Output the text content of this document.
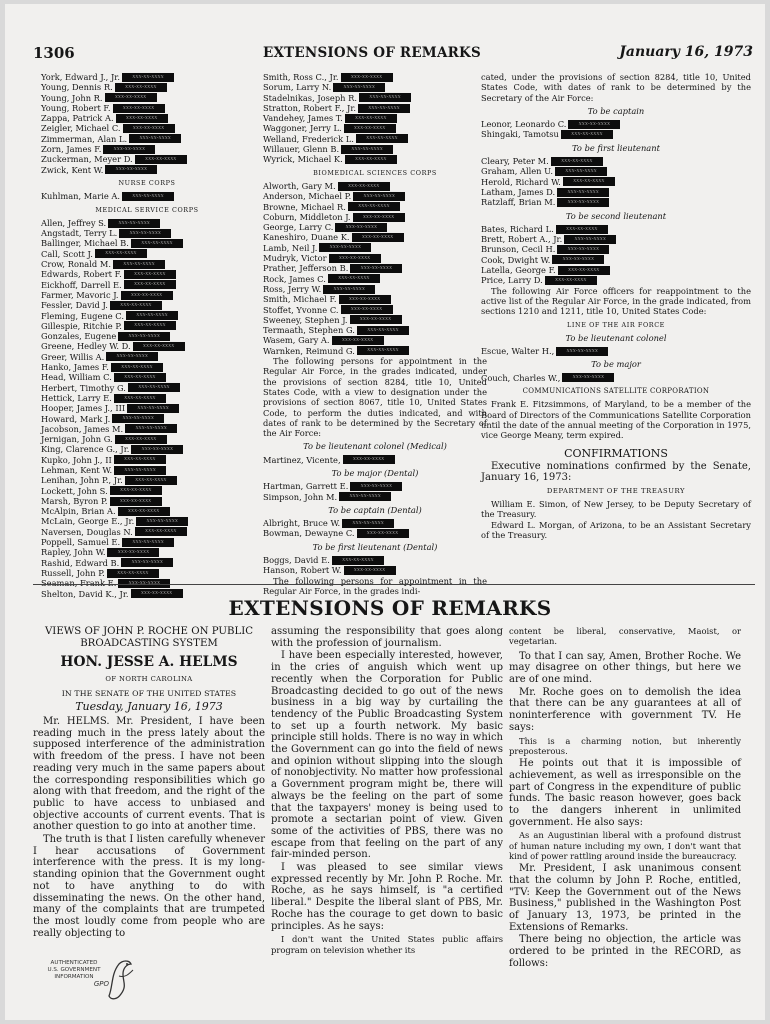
1306	EXTENSIONS OF REMARKS	January 16, 1973
York, Edward J., Jr.	xxx-xx-xxxx
Young, Dennis R.	xxx-xx-xxxx
Young, John R.	xxx-xx-xxxx
Young, Robert F.	xxx-xx-xxxx
Zappa, Patrick A.	xxx-xx-xxxx
Zeigler, Michael C.	xxx-xx-xxxx
Zimmerman, Alan L.	xxx-xx-xxxx
Zorn, James F.	xxx-xx-xxxx
Zuckerman, Meyer D.	xxx-xx-xxxx
Zwick, Kent W.	xxx-xx-xxxx
NURSE CORPS
Kuhlman, Marie A.	xxx-xx-xxxx
MEDICAL SERVICE CORPS
Allen, Jeffrey S.	xxx-xx-xxxx
Angstadt, Terry L.	xxx-xx-xxxx
Ballinger, Michael B.	xxx-xx-xxxx
Call, Scott J.	xxx-xx-xxxx
Crow, Ronald M.	xxx-xx-xxxx
Edwards, Robert F.	xxx-xx-xxxx
Eickhoff, Darrell E.	xxx-xx-xxxx
Farmer, Mavoric J.	xxx-xx-xxxx
Fessler, David J.	xxx-xx-xxxx
Fleming, Eugene C.	xxx-xx-xxxx
Gillespie, Ritchie P.	xxx-xx-xxxx
Gonzales, Eugene	xxx-xx-xxxx
Greene, Hedley W. D.	xxx-xx-xxxx
Greer, Willis A.	xxx-xx-xxxx
Hanko, James F.	xxx-xx-xxxx
Head, William C.	xxx-xx-xxxx
Herbert, Timothy G.	xxx-xx-xxxx
Hettick, Larry E.	xxx-xx-xxxx
Hooper, James J., III	xxx-xx-xxxx
Howard, Mark J.	xxx-xx-xxxx
Jacobson, James M.	xxx-xx-xxxx
Jernigan, John G.	xxx-xx-xxxx
King, Clarence G., Jr.	xxx-xx-xxxx
Kupko, John J., II	xxx-xx-xxxx
Lehman, Kent W.	xxx-xx-xxxx
Lenihan, John P., Jr.	xxx-xx-xxxx
Lockett, John S.	xxx-xx-xxxx
Marsh, Byron P.	xxx-xx-xxxx
McAlpin, Brian A.	xxx-xx-xxxx
McLain, George E., Jr.	xxx-xx-xxxx
Naversen, Douglas N.	xxx-xx-xxxx
Poppell, Samuel E.	xxx-xx-xxxx
Rapley, John W.	xxx-xx-xxxx
Rashid, Edward B.	xxx-xx-xxxx
Russell, John P.	xxx-xx-xxxx
Seaman, Frank E.	xxx-xx-xxxx
Shelton, David K., Jr.	xxx-xx-xxxx
Smith, Ross C., Jr.	xxx-xx-xxxx
Sorum, Larry N.	xxx-xx-xxxx
Stadelnikas, Joseph R.	xxx-xx-xxxx
Stratton, Robert F., Jr.	xxx-xx-xxxx
Vandehey, James T.	xxx-xx-xxxx
Waggoner, Jerry L.	xxx-xx-xxxx
Welland, Frederick L.	xxx-xx-xxxx
Willauer, Glenn B.	xxx-xx-xxxx
Wyrick, Michael K.	xxx-xx-xxxx
BIOMEDICAL SCIENCES CORPS
Alworth, Gary M.	xxx-xx-xxxx
Anderson, Michael P.	xxx-xx-xxxx
Browne, Michael R.	xxx-xx-xxxx
Coburn, Middleton J.	xxx-xx-xxxx
George, Larry C.	xxx-xx-xxxx
Kaneshiro, Duane K.	xxx-xx-xxxx
Lamb, Neil J.	xxx-xx-xxxx
Mudryk, Victor	xxx-xx-xxxx
Prather, Jefferson B.	xxx-xx-xxxx
Rock, James C.	xxx-xx-xxxx
Ross, Jerry W.	xxx-xx-xxxx
Smith, Michael F.	xxx-xx-xxxx
Stoffet, Yvonne C.	xxx-xx-xxxx
Sweeney, Stephen J.	xxx-xx-xxxx
Termaath, Stephen G.	xxx-xx-xxxx
Wasem, Gary A.	xxx-xx-xxxx
Warnken, Reimund G.	xxx-xx-xxxx
The following persons for appointment in the Regular Air Force, in the grades indicated, under the provisions of section 8284, title 10, United States Code, with a view to designation under the provisions of section 8067, title 10, United States Code, to perform the duties indicated, and with dates of rank to be determined by the Secretary of the Air Force:
To be lieutenant colonel (Medical)
Martinez, Vicente,	xxx-xx-xxxx
To be major (Dental)
Hartman, Garrett E.	xxx-xx-xxxx
Simpson, John M.	xxx-xx-xxxx
To be captain (Dental)
Albright, Bruce W.	xxx-xx-xxxx
Bowman, Dewayne C.	xxx-xx-xxxx
To be first lieutenant (Dental)
Boggs, David E.	xxx-xx-xxxx
Hanson, Robert W.	xxx-xx-xxxx
The following persons for appointment in the Regular Air Force, in the grades indi-
cated, under the provisions of section 8284, title 10, United States Code, with dates of rank to be determined by the Secretary of the Air Force:
To be captain
Leonor, Leonardo C.	xxx-xx-xxxx
Shingaki, Tamotsu	xxx-xx-xxxx
To be first lieutenant
Cleary, Peter M.	xxx-xx-xxxx
Graham, Allen U.	xxx-xx-xxxx
Herold, Richard W.	xxx-xx-xxxx
Latham, James D.	xxx-xx-xxxx
Ratzlaff, Brian M.	xxx-xx-xxxx
To be second lieutenant
Bates, Richard L.	xxx-xx-xxxx
Brett, Robert A., Jr.	xxx-xx-xxxx
Brunson, Cecil H.	xxx-xx-xxxx
Cook, Dwight W.	xxx-xx-xxxx
Latella, George F.	xxx-xx-xxxx
Price, Larry D.	xxx-xx-xxxx
The following Air Force officers for reappointment to the active list of the Regular Air Force, in the grade indicated, from sections 1210 and 1211, title 10, United States Code:
LINE OF THE AIR FORCE
To be lieutenant colonel
Escue, Walter H.,	xxx-xx-xxxx
To be major
Couch, Charles W.,	xxx-xx-xxxx
COMMUNICATIONS SATELLITE CORPORATION
Frank E. Fitzsimmons, of Maryland, to be a member of the Board of Directors of the Communications Satellite Corporation until the date of the annual meeting of the Corporation in 1975, vice George Meany, term expired.
CONFIRMATIONS
Executive nominations confirmed by the Senate, January 16, 1973:
DEPARTMENT OF THE TREASURY
William E. Simon, of New Jersey, to be Deputy Secretary of the Treasury.
Edward L. Morgan, of Arizona, to be an Assistant Secretary of the Treasury.
EXTENSIONS OF REMARKS
VIEWS OF JOHN P. ROCHE ON PUBLIC BROADCASTING SYSTEM
HON. JESSE A. HELMS
OF NORTH CAROLINA
IN THE SENATE OF THE UNITED STATES
Tuesday, January 16, 1973
Mr. HELMS. Mr. President, I have been reading much in the press lately about the supposed interference of the administration with freedom of the press. I have not been reading very much in the same papers about the corresponding responsibilities which go along with that freedom, and the right of the public to have access to unbiased and objective accounts of current events. That is another question to go into at another time.
The truth is that I listen carefully whenever I hear accusations of Government interference with the press. It is my long-standing opinion that the Government ought not to have anything to do with disseminating the news. On the other hand, many of the complaints that are trumpeted the most loudly come from people who are really objecting to
assuming the responsibility that goes along with the profession of journalism.
I have been especially interested, however, in the cries of anguish which went up recently when the Corporation for Public Broadcasting decided to go out of the news business in a big way by curtailing the tendency of the Public Broadcasting System to set up a fourth network. My basic principle still holds. There is no way in which the Government can go into the field of news and opinion without slipping into the slough of nonobjectivity. No matter how professional a Government program might be, there will always be the feeling on the part of some that the taxpayers' money is being used to promote a sectarian point of view. Given some of the activities of PBS, there was no escape from that feeling on the part of any fair-minded person.
I was pleased to see similar views expressed recently by Mr. John P. Roche. Mr. Roche, as he says himself, is "a certified liberal." Despite the liberal slant of PBS, Mr. Roche has the courage to get down to basic principles. As he says:
I don't want the United States public affairs program on television whether its
content be liberal, conservative, Maoist, or vegetarian.
To that I can say, Amen, Brother Roche. We may disagree on other things, but here we are of one mind.
Mr. Roche goes on to demolish the idea that there can be any guarantees at all of noninterference with government TV. He says:
This is a charming notion, but inherently preposterous.
He points out that it is impossible of achievement, as well as irresponsible on the part of Congress in the expenditure of public funds. The basic reason however, goes back to the dangers inherent in unlimited government. He also says:
As an Augustinian liberal with a profound distrust of human nature including my own, I don't want that kind of power rattling around inside the bureaucracy.
Mr. President, I ask unanimous consent that the column by John P. Roche, entitled, "TV: Keep the Government out of the News Business," published in the Washington Post of January 13, 1973, be printed in the Extensions of Remarks.
There being no objection, the article was ordered to be printed in the RECORD, as follows:
AUTHENTICATED
U.S. GOVERNMENT
INFORMATION
GPO
